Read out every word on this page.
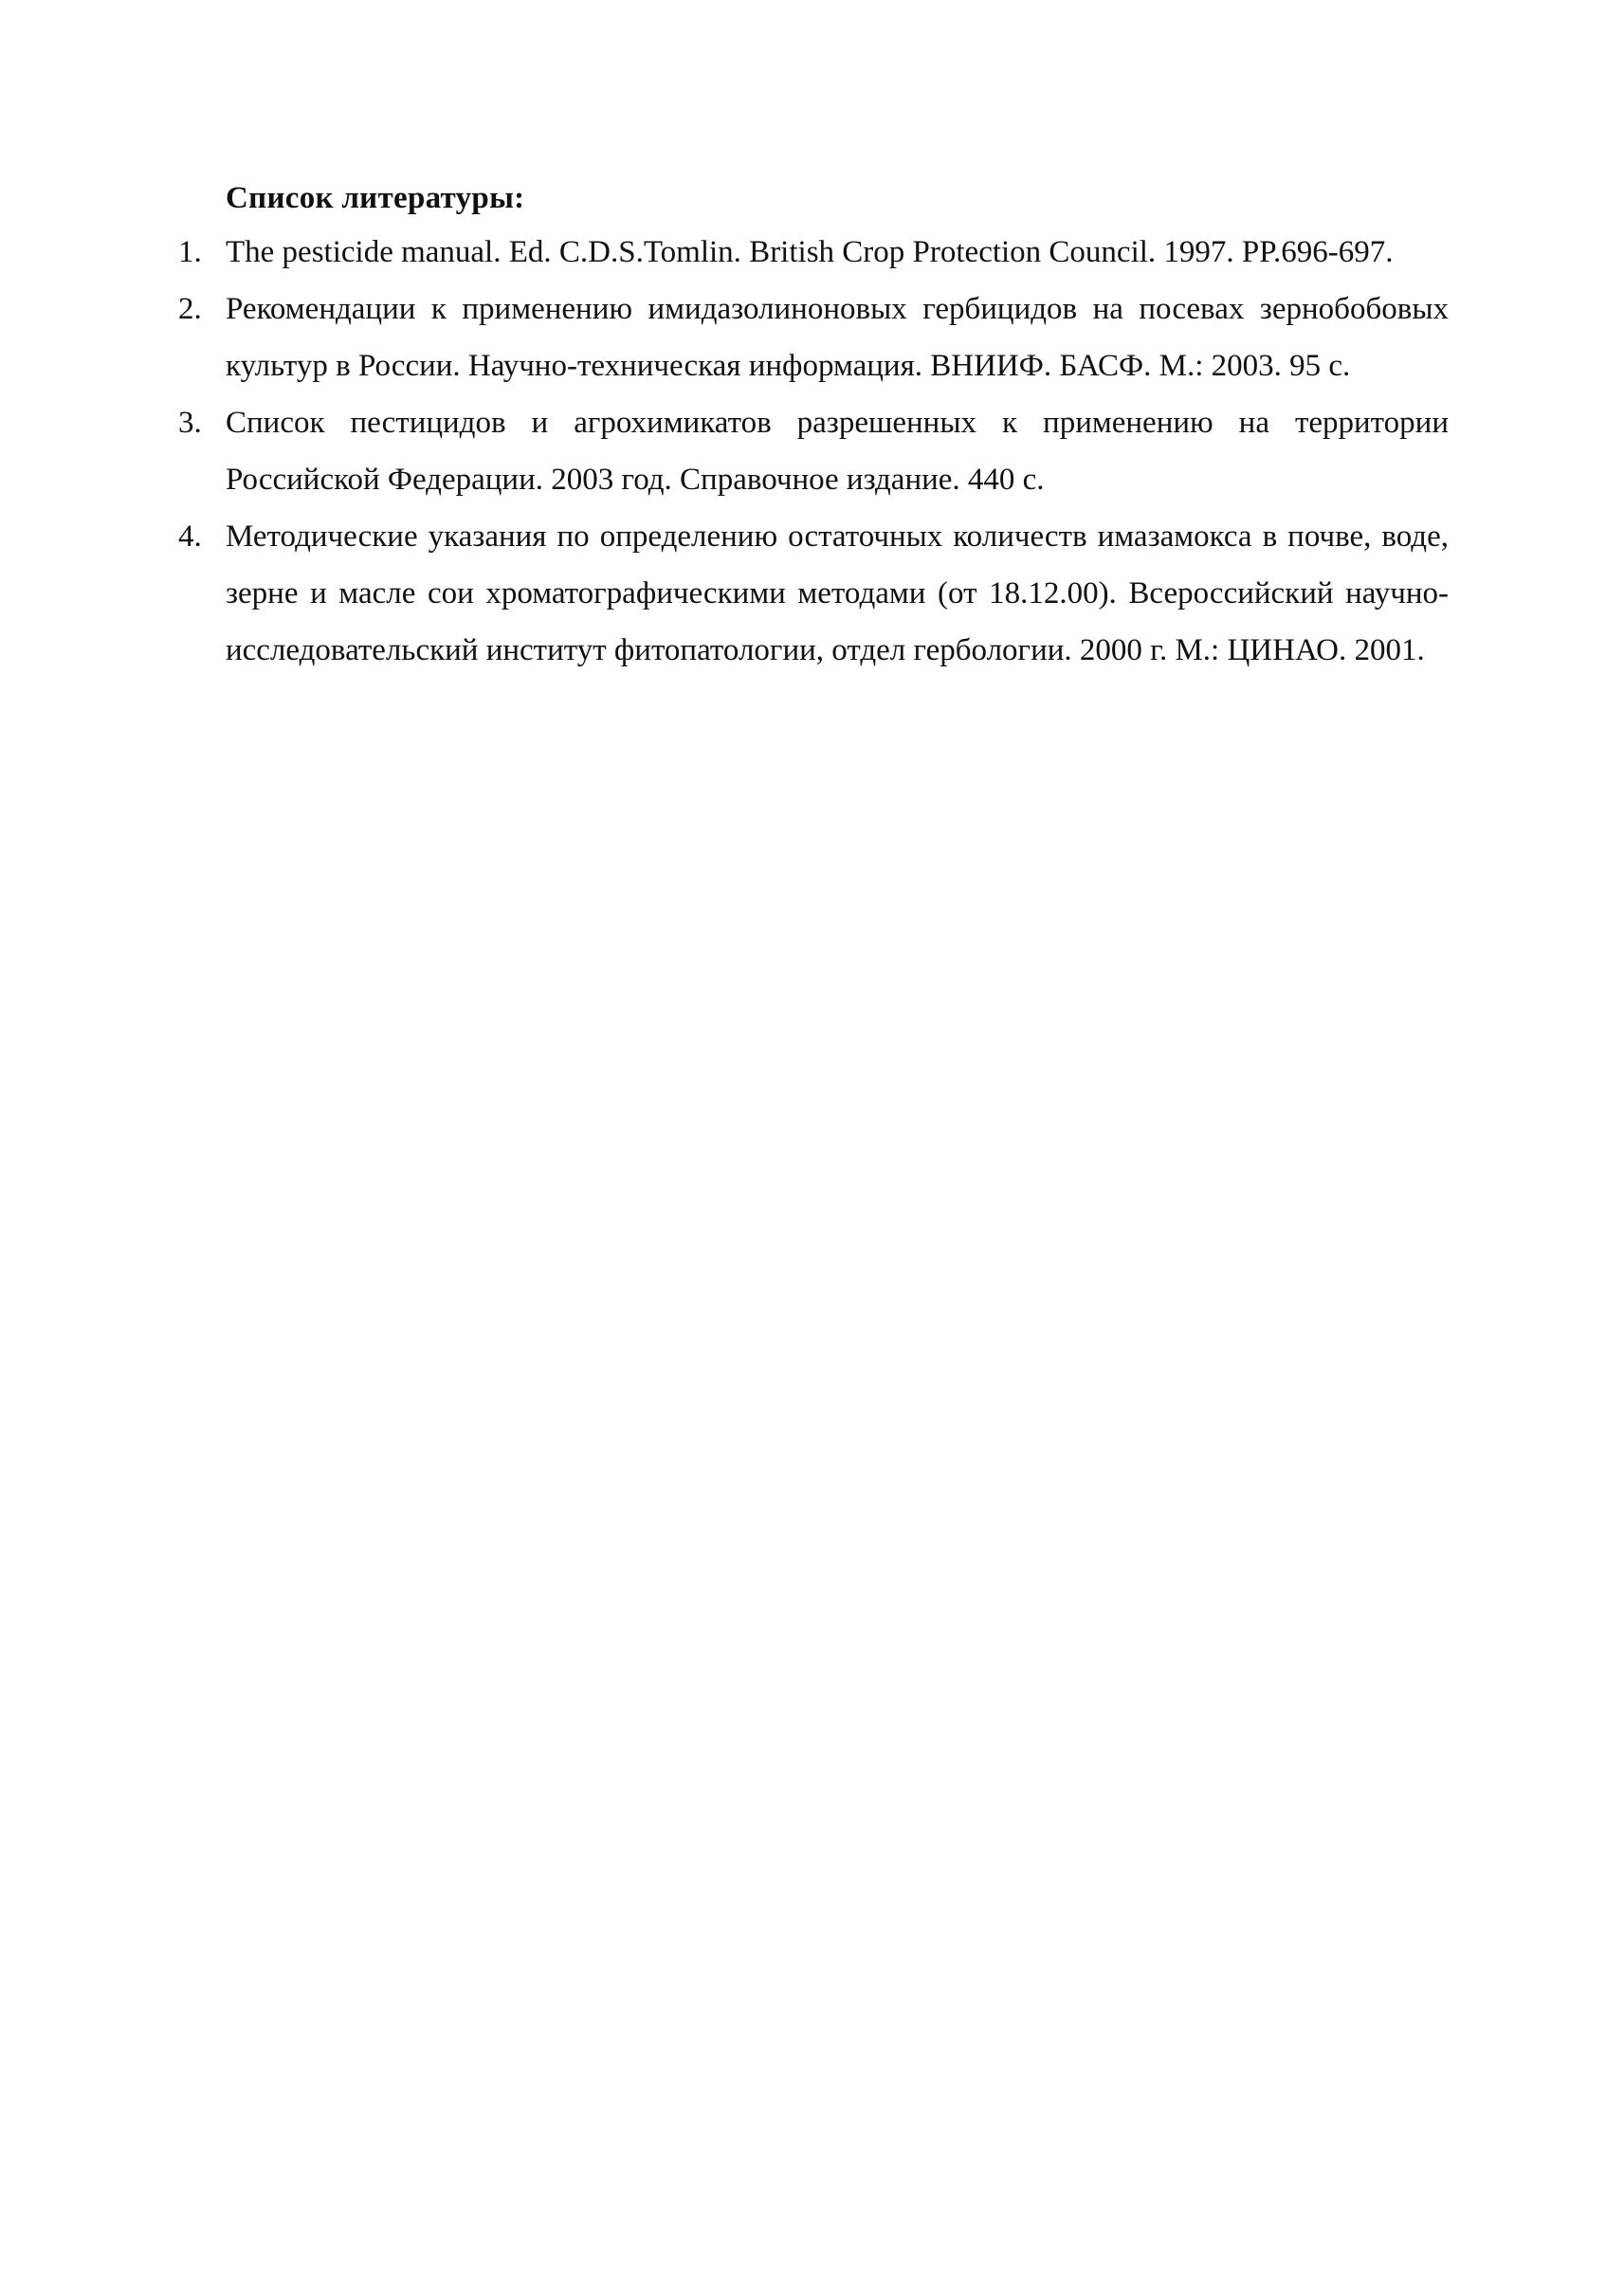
Список литературы:
1. The pesticide manual. Ed. C.D.S.Tomlin. British Crop Protection Council. 1997. PP.696-697.
2. Рекомендации к применению имидазолиноновых гербицидов на посевах зернобобовых культур в России. Научно-техническая информация. ВНИИФ. БАСФ. М.: 2003. 95 с.
3. Список пестицидов и агрохимикатов разрешенных к применению на территории Российской Федерации. 2003 год. Справочное издание. 440 с.
4. Методические указания по определению остаточных количеств имазамокса в почве, воде, зерне и масле сои хроматографическими методами (от 18.12.00). Всероссийский научно-исследовательский институт фитопатологии, отдел гербологии. 2000 г. М.: ЦИНАО. 2001.
